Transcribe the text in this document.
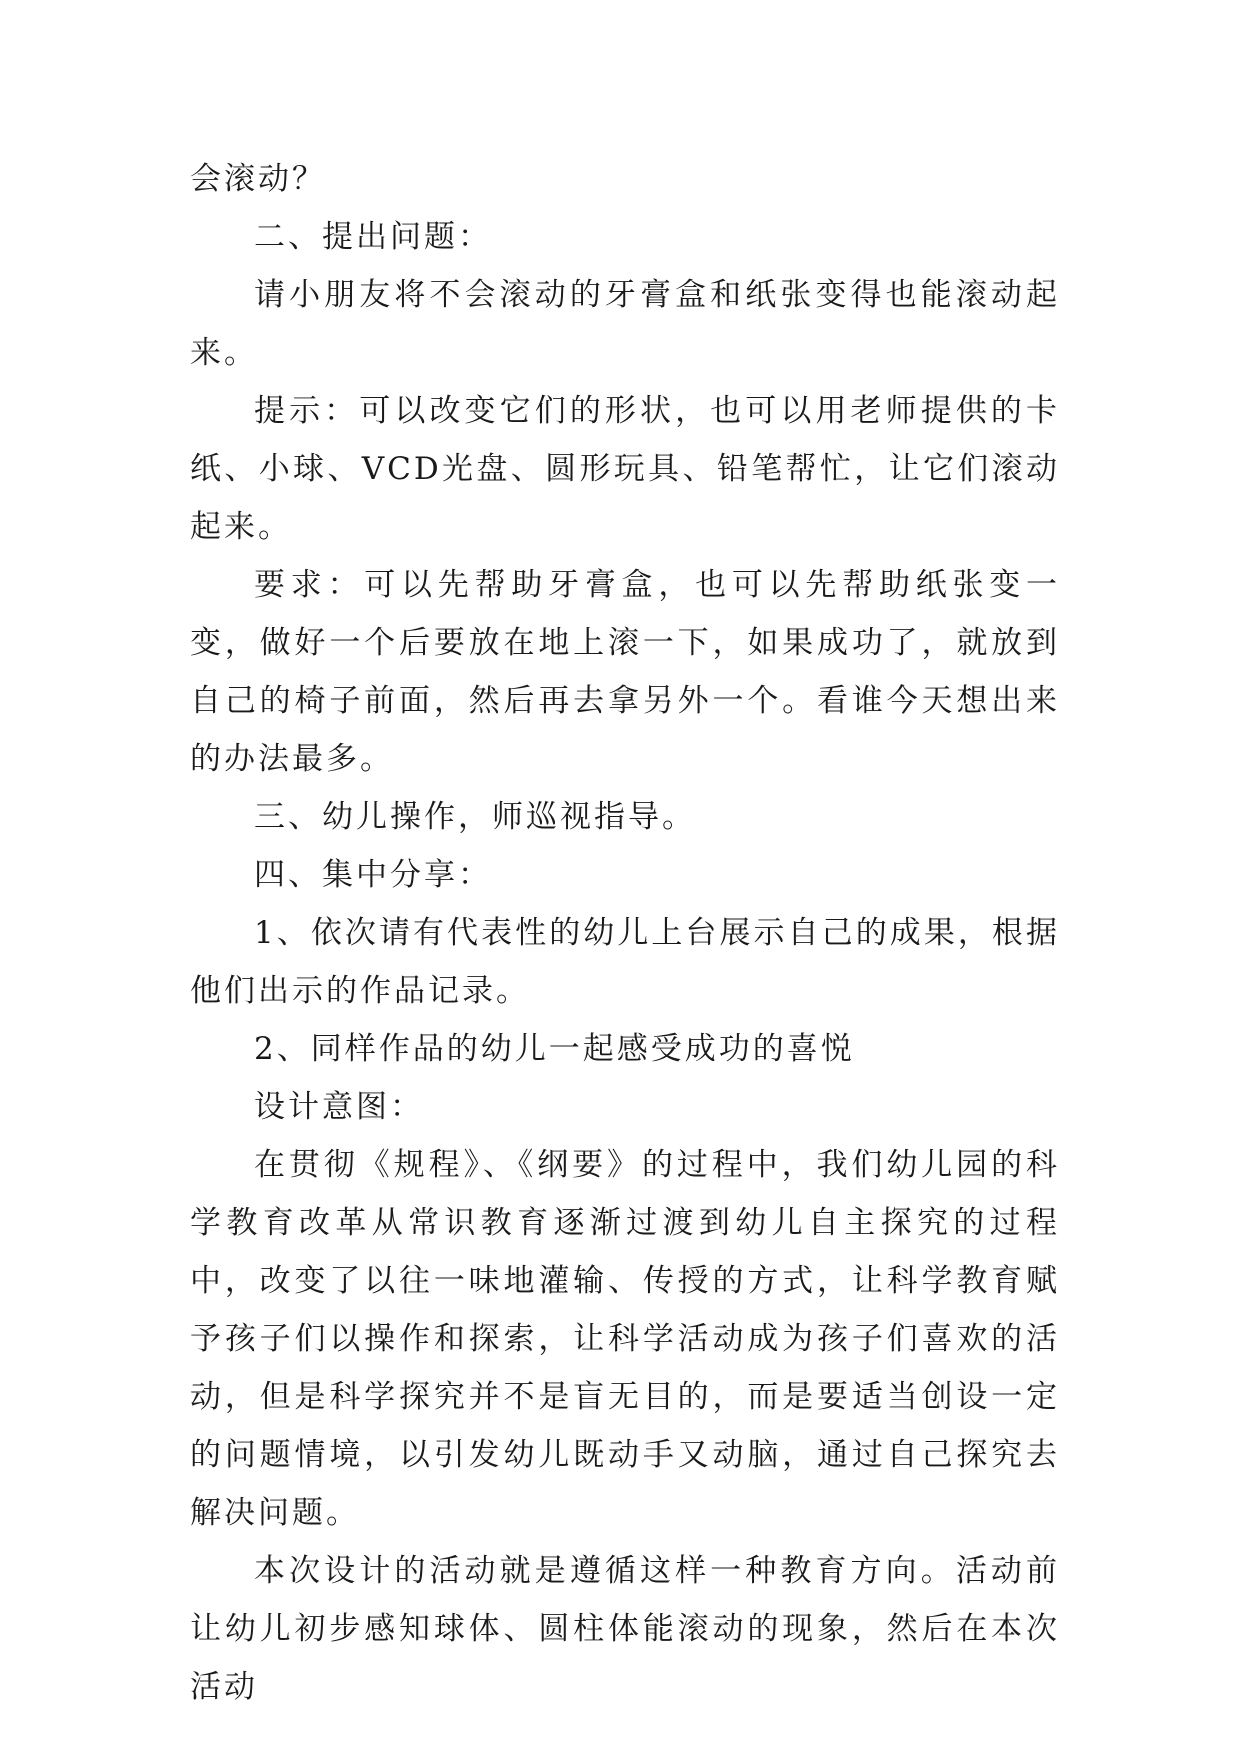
会滚动？

二、提出问题：

请小朋友将不会滚动的牙膏盒和纸张变得也能滚动起来。

提示：可以改变它们的形状，也可以用老师提供的卡纸、小球、VCD光盘、圆形玩具、铅笔帮忙，让它们滚动起来。

要求：可以先帮助牙膏盒，也可以先帮助纸张变一变，做好一个后要放在地上滚一下，如果成功了，就放到自己的椅子前面，然后再去拿另外一个。看谁今天想出来的办法最多。

三、幼儿操作，师巡视指导。

四、集中分享：

1、依次请有代表性的幼儿上台展示自己的成果，根据他们出示的作品记录。

2、同样作品的幼儿一起感受成功的喜悦

设计意图：

在贯彻《规程》、《纲要》的过程中，我们幼儿园的科学教育改革从常识教育逐渐过渡到幼儿自主探究的过程中，改变了以往一味地灌输、传授的方式，让科学教育赋予孩子们以操作和探索，让科学活动成为孩子们喜欢的活动，但是科学探究并不是盲无目的，而是要适当创设一定的问题情境，以引发幼儿既动手又动脑，通过自己探究去解决问题。

本次设计的活动就是遵循这样一种教育方向。活动前让幼儿初步感知球体、圆柱体能滚动的现象，然后在本次活动
